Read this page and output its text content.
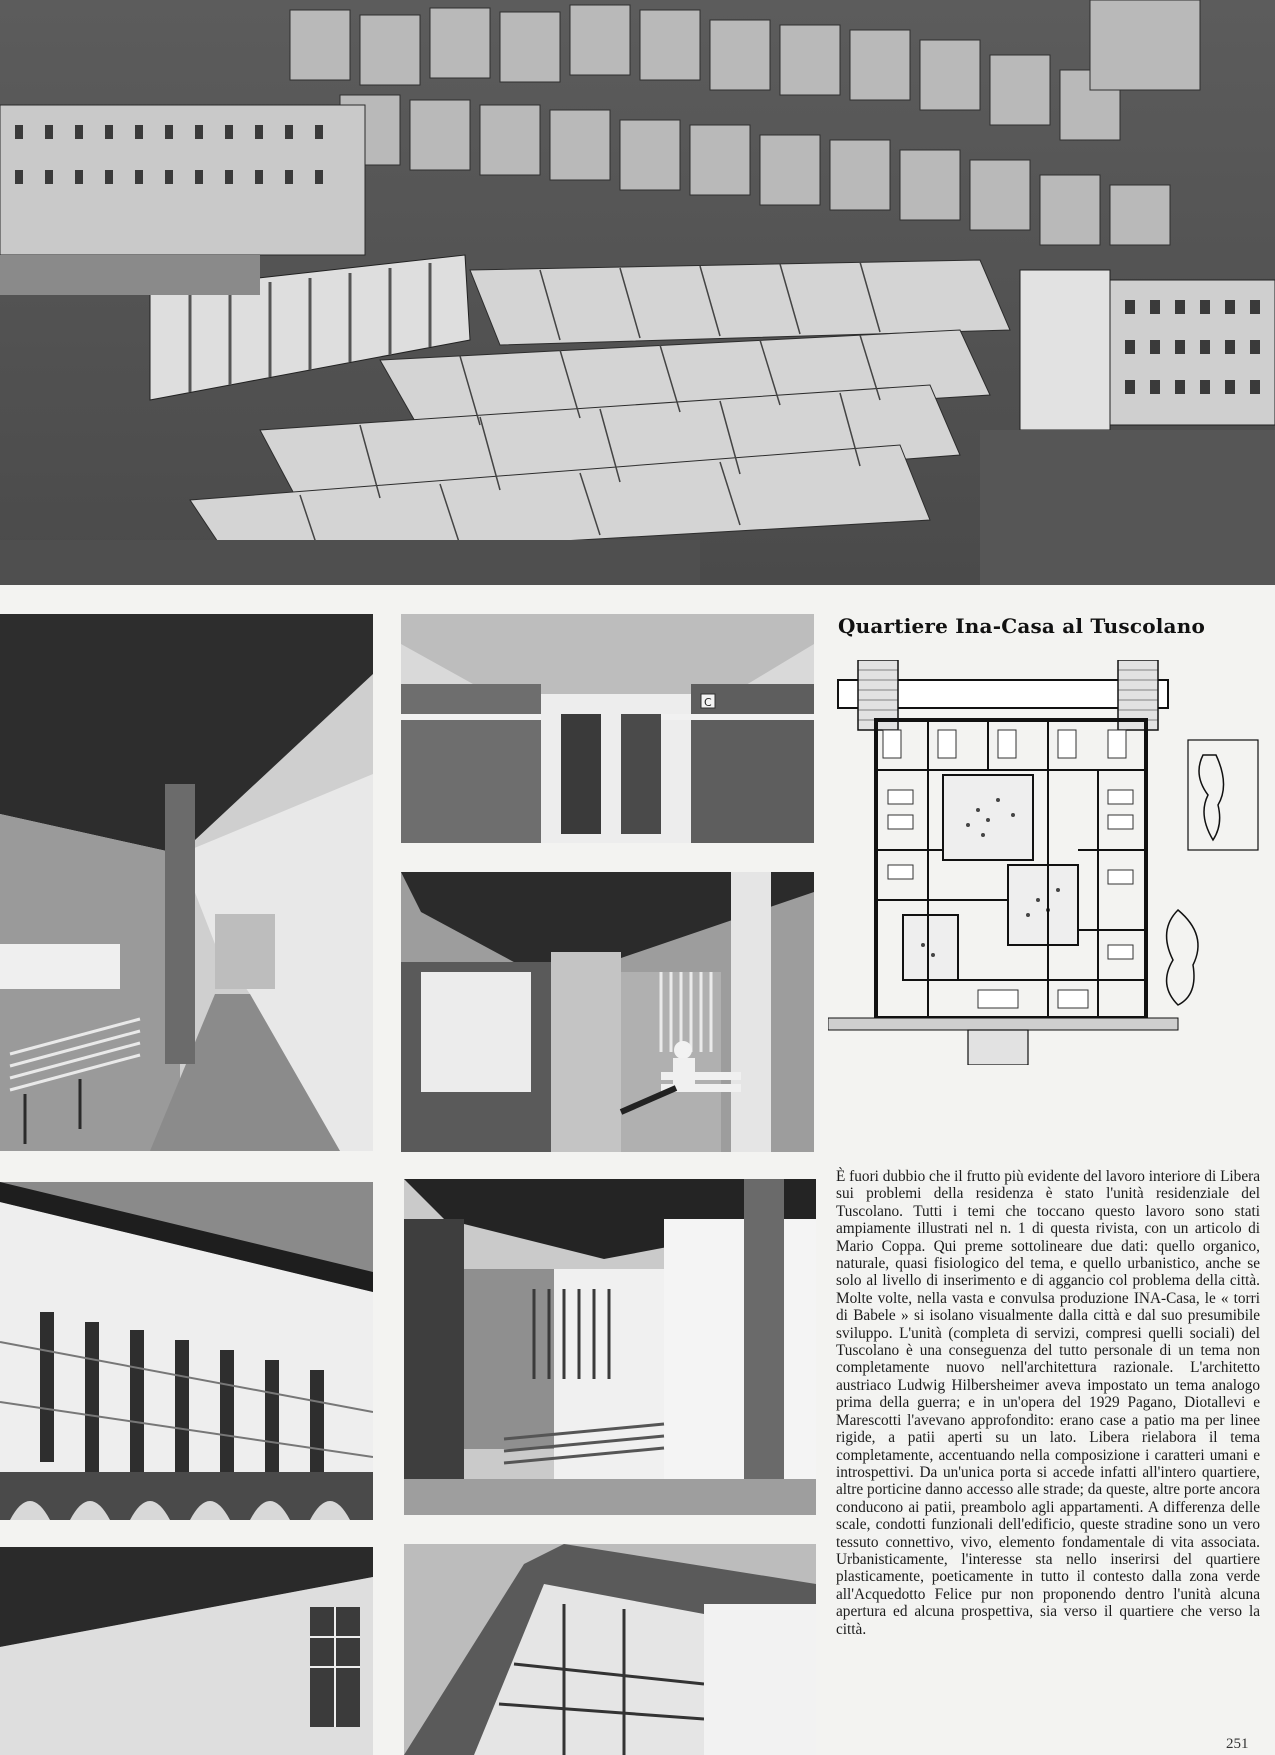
C
Quartiere Ina-Casa al Tuscolano

È fuori dubbio che il frutto più evidente del lavoro interiore di Libera sui problemi della residenza è stato l'unità residenziale del Tuscolano. Tutti i temi che toccano questo lavoro sono stati ampiamente illustrati nel n. 1 di questa rivista, con un articolo di Mario Coppa. Qui preme sottolineare due dati: quello organico, naturale, quasi fisiologico del tema, e quello urbanistico, anche se solo al livello di inserimento e di aggancio col problema della città. Molte volte, nella vasta e convulsa produzione INA-Casa, le « torri di Babele » si isolano visualmente dalla città e dal suo presumibile sviluppo. L'unità (completa di servizi, compresi quelli sociali) del Tuscolano è una conseguenza del tutto personale di un tema non completamente nuovo nell'architettura razionale. L'architetto austriaco Ludwig Hilbersheimer aveva impostato un tema analogo prima della guerra; e in un'opera del 1929 Pagano, Diotallevi e Marescotti l'avevano approfondito: erano case a patio ma per linee rigide, a patii aperti su un lato. Libera rielabora il tema completamente, accentuando nella composizione i caratteri umani e introspettivi. Da un'unica porta si accede infatti all'intero quartiere, altre porticine danno accesso alle strade; da queste, altre porte ancora conducono ai patii, preambolo agli appartamenti. A differenza delle scale, condotti funzionali dell'edificio, queste stradine sono un vero tessuto connettivo, vivo, elemento fondamentale di vita associata. Urbanisticamente, l'interesse sta nello inserirsi del quartiere plasticamente, poeticamente in tutto il contesto dalla zona verde all'Acquedotto Felice pur non proponendo dentro l'unità alcuna apertura ed alcuna prospettiva, sia verso il quartiere che verso la città.

251
